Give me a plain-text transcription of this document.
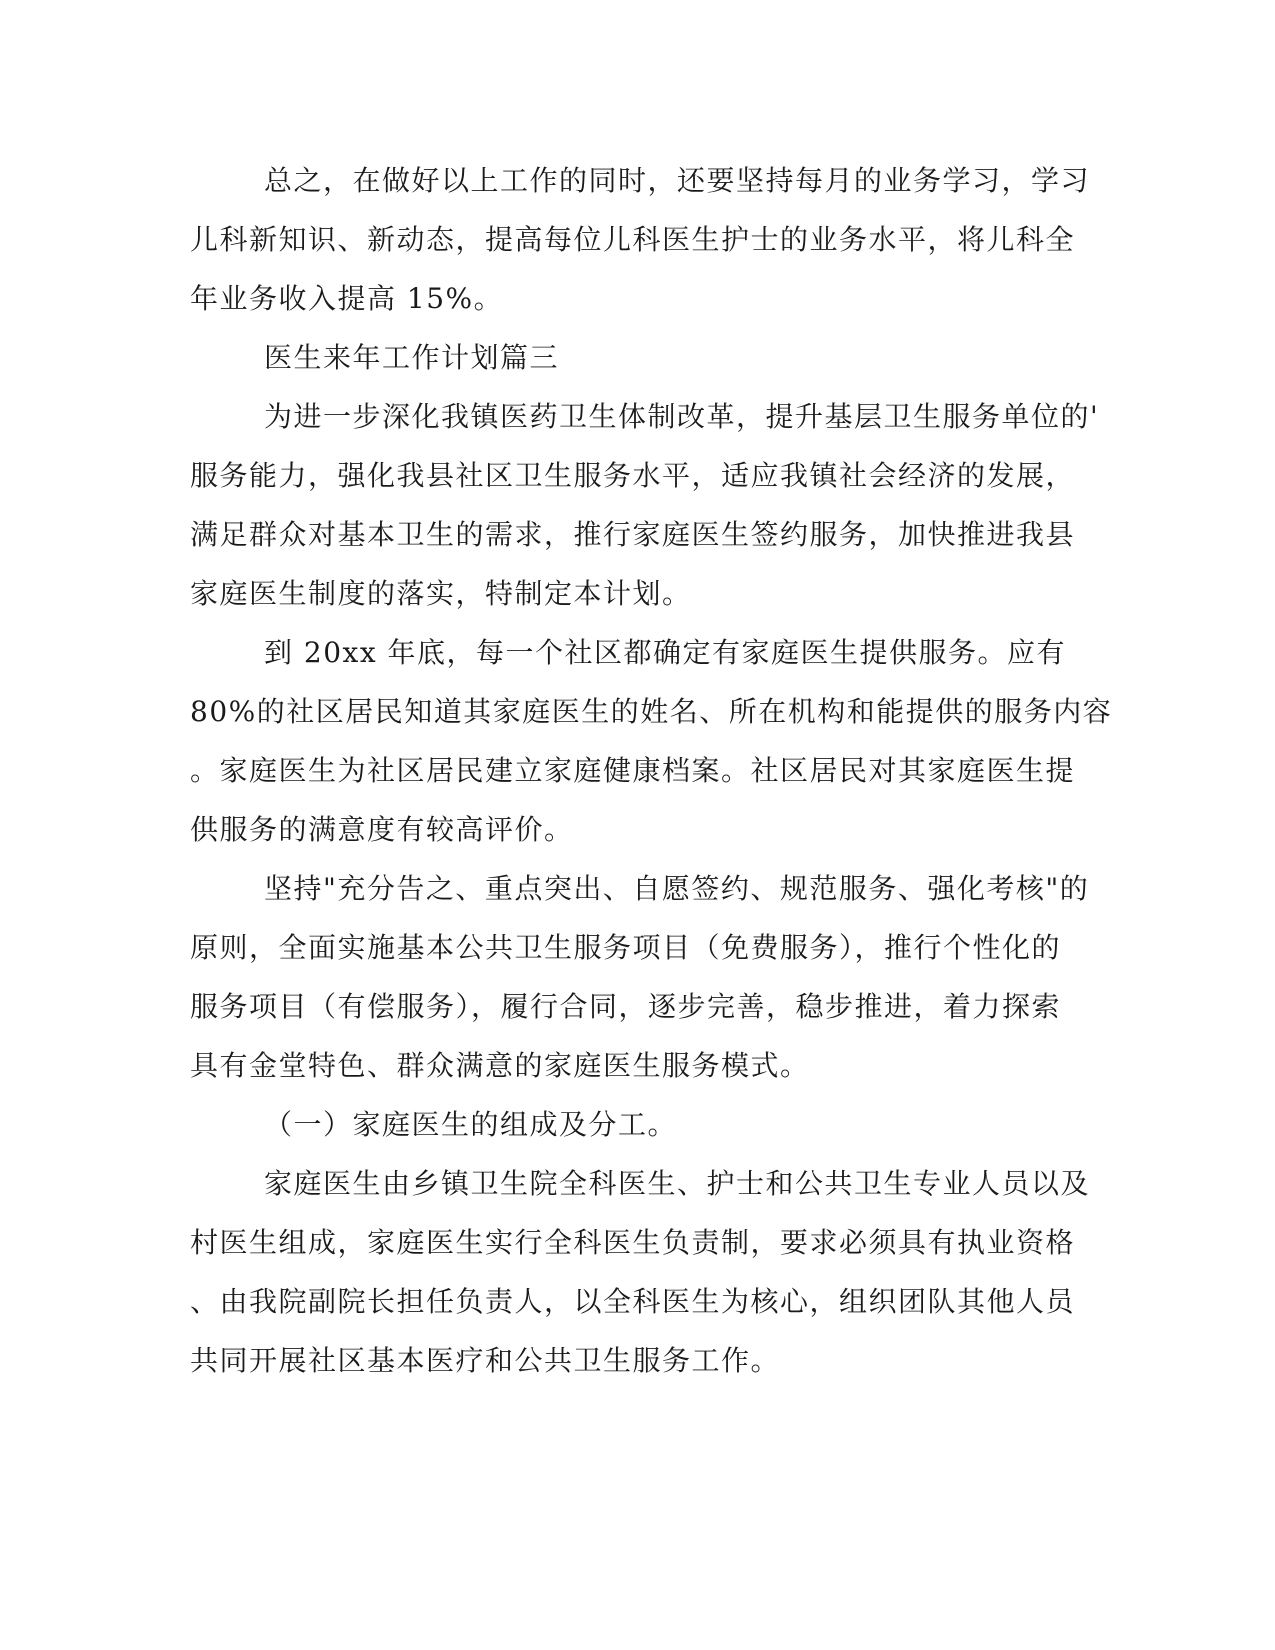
总之，在做好以上工作的同时，还要坚持每月的业务学习，学习
儿科新知识、新动态，提高每位儿科医生护士的业务水平，将儿科全
年业务收入提高 15%。
医生来年工作计划篇三
为进一步深化我镇医药卫生体制改革，提升基层卫生服务单位的'
服务能力，强化我县社区卫生服务水平，适应我镇社会经济的发展，
满足群众对基本卫生的需求，推行家庭医生签约服务，加快推进我县
家庭医生制度的落实，特制定本计划。
到 20xx 年底，每一个社区都确定有家庭医生提供服务。应有
80%的社区居民知道其家庭医生的姓名、所在机构和能提供的服务内容
。家庭医生为社区居民建立家庭健康档案。社区居民对其家庭医生提
供服务的满意度有较高评价。
坚持"充分告之、重点突出、自愿签约、规范服务、强化考核"的
原则，全面实施基本公共卫生服务项目（免费服务），推行个性化的
服务项目（有偿服务），履行合同，逐步完善，稳步推进，着力探索
具有金堂特色、群众满意的家庭医生服务模式。
（一）家庭医生的组成及分工。
家庭医生由乡镇卫生院全科医生、护士和公共卫生专业人员以及
村医生组成，家庭医生实行全科医生负责制，要求必须具有执业资格
、由我院副院长担任负责人，以全科医生为核心，组织团队其他人员
共同开展社区基本医疗和公共卫生服务工作。
